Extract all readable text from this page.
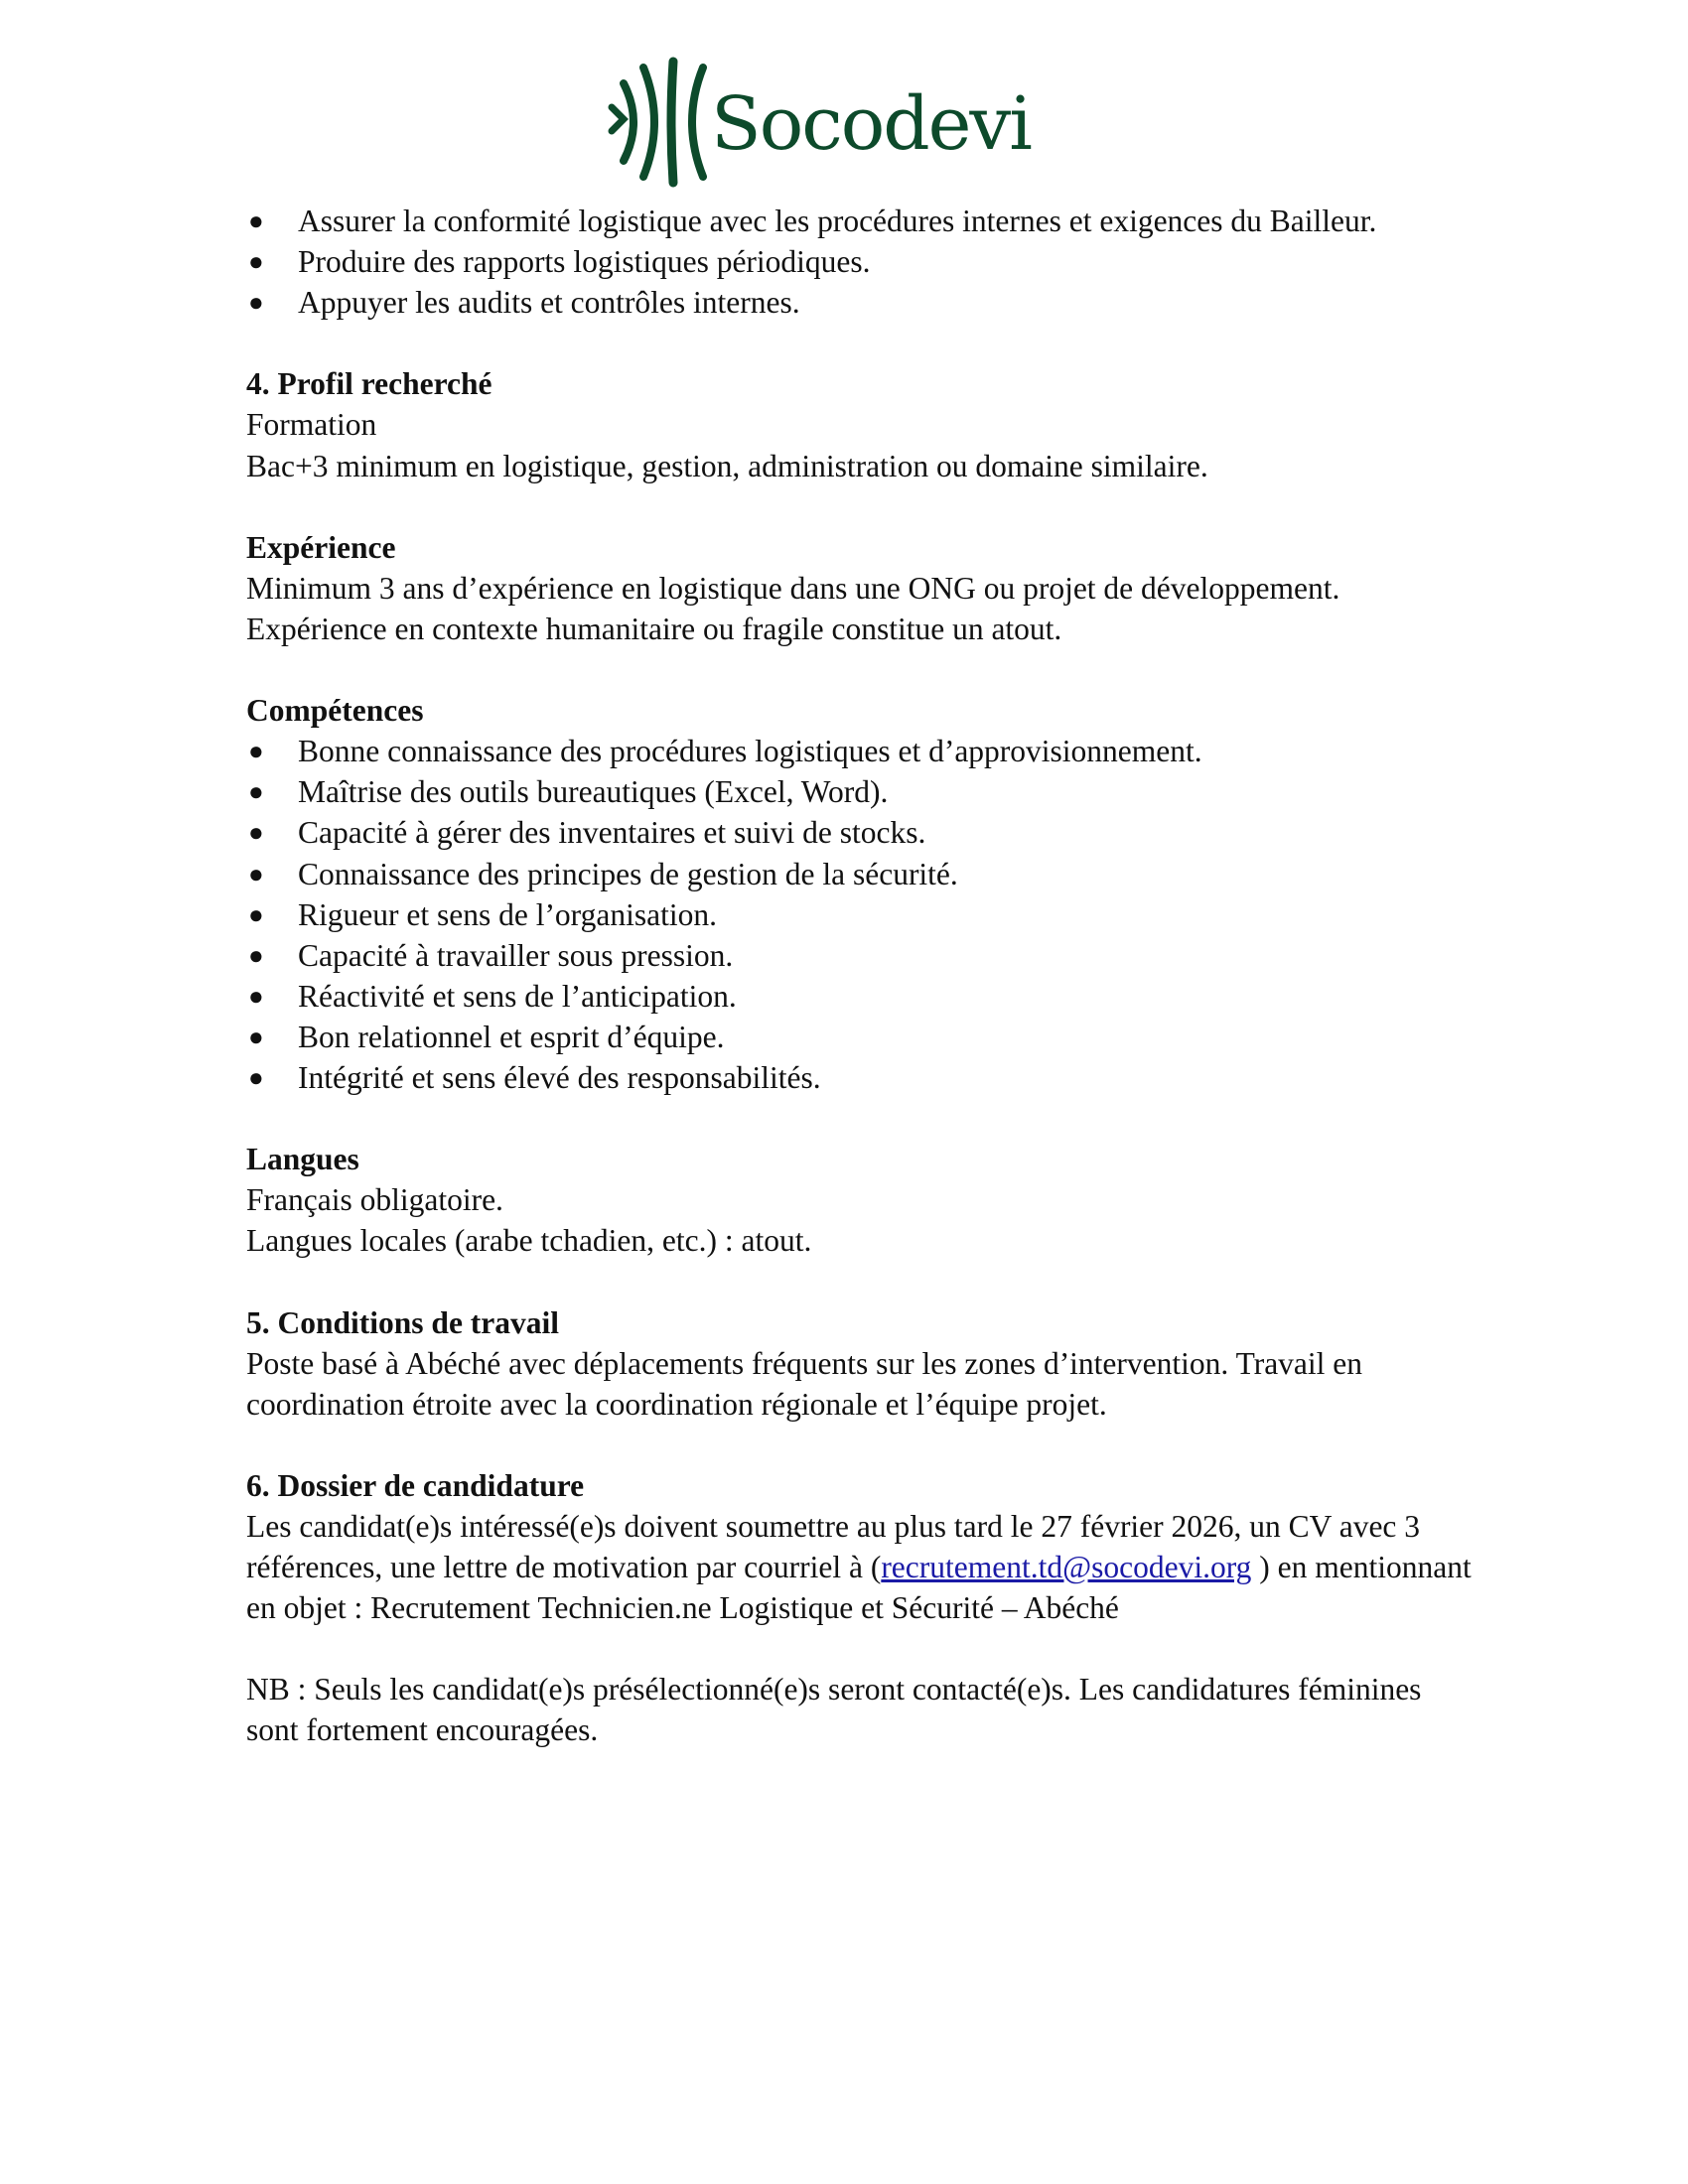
Socodevi
● Assurer la conformité logistique avec les procédures internes et exigences du Bailleur.
● Produire des rapports logistiques périodiques.
● Appuyer les audits et contrôles internes.
4. Profil recherché
Formation
Bac+3 minimum en logistique, gestion, administration ou domaine similaire.
Expérience
Minimum 3 ans d’expérience en logistique dans une ONG ou projet de développement.
Expérience en contexte humanitaire ou fragile constitue un atout.
Compétences
● Bonne connaissance des procédures logistiques et d’approvisionnement.
● Maîtrise des outils bureautiques (Excel, Word).
● Capacité à gérer des inventaires et suivi de stocks.
● Connaissance des principes de gestion de la sécurité.
● Rigueur et sens de l’organisation.
● Capacité à travailler sous pression.
● Réactivité et sens de l’anticipation.
● Bon relationnel et esprit d’équipe.
● Intégrité et sens élevé des responsabilités.
Langues
Français obligatoire.
Langues locales (arabe tchadien, etc.) : atout.
5. Conditions de travail
Poste basé à Abéché avec déplacements fréquents sur les zones d’intervention. Travail en
coordination étroite avec la coordination régionale et l’équipe projet.
6. Dossier de candidature
Les candidat(e)s intéressé(e)s doivent soumettre au plus tard le 27 février 2026, un CV avec 3
références, une lettre de motivation par courriel à (recrutement.td@socodevi.org ) en mentionnant
en objet : Recrutement Technicien.ne Logistique et Sécurité – Abéché
NB : Seuls les candidat(e)s présélectionné(e)s seront contacté(e)s. Les candidatures féminines
sont fortement encouragées.
